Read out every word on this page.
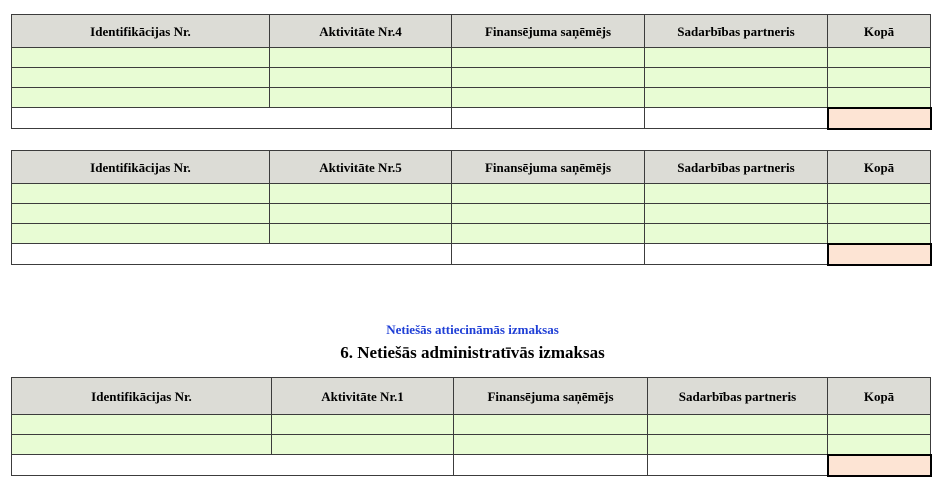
Identifikācijas Nr.	Aktivitāte Nr.4	Finansējuma saņēmējs	Sadarbības partneris	Kopā

Identifikācijas Nr.	Aktivitāte Nr.5	Finansējuma saņēmējs	Sadarbības partneris	Kopā

Netiešās attiecināmās izmaksas
6. Netiešās administratīvās izmaksas
Identifikācijas Nr.	Aktivitāte Nr.1	Finansējuma saņēmējs	Sadarbības partneris	Kopā
